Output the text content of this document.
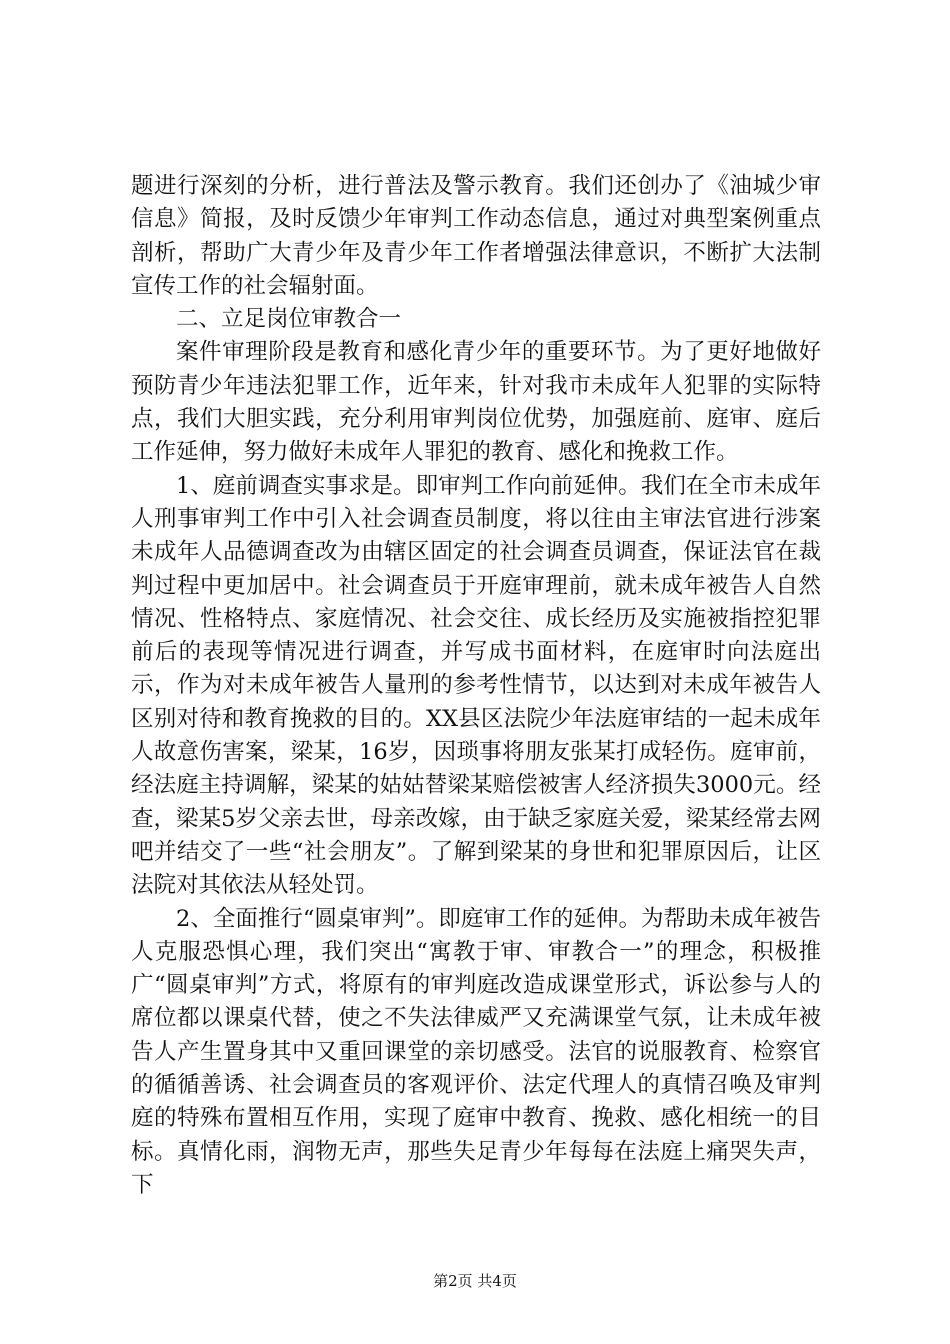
题进行深刻的分析，进行普法及警示教育。我们还创办了《油城少审信息》简报，及时反馈少年审判工作动态信息，通过对典型案例重点剖析，帮助广大青少年及青少年工作者增强法律意识，不断扩大法制宣传工作的社会辐射面。

二、立足岗位审教合一

案件审理阶段是教育和感化青少年的重要环节。为了更好地做好预防青少年违法犯罪工作，近年来，针对我市未成年人犯罪的实际特点，我们大胆实践，充分利用审判岗位优势，加强庭前、庭审、庭后工作延伸，努力做好未成年人罪犯的教育、感化和挽救工作。

1、庭前调查实事求是。即审判工作向前延伸。我们在全市未成年人刑事审判工作中引入社会调查员制度，将以往由主审法官进行涉案未成年人品德调查改为由辖区固定的社会调查员调查，保证法官在裁判过程中更加居中。社会调查员于开庭审理前，就未成年被告人自然情况、性格特点、家庭情况、社会交往、成长经历及实施被指控犯罪前后的表现等情况进行调查，并写成书面材料，在庭审时向法庭出示，作为对未成年被告人量刑的参考性情节，以达到对未成年被告人区别对待和教育挽救的目的。XX县区法院少年法庭审结的一起未成年人故意伤害案，梁某，16岁，因琐事将朋友张某打成轻伤。庭审前，经法庭主持调解，梁某的姑姑替梁某赔偿被害人经济损失3000元。经查，梁某5岁父亲去世，母亲改嫁，由于缺乏家庭关爱，梁某经常去网吧并结交了一些“社会朋友”。了解到梁某的身世和犯罪原因后，让区法院对其依法从轻处罚。

2、全面推行“圆桌审判”。即庭审工作的延伸。为帮助未成年被告人克服恐惧心理，我们突出“寓教于审、审教合一”的理念，积极推广“圆桌审判”方式，将原有的审判庭改造成课堂形式，诉讼参与人的席位都以课桌代替，使之不失法律威严又充满课堂气氛，让未成年被告人产生置身其中又重回课堂的亲切感受。法官的说服教育、检察官的循循善诱、社会调查员的客观评价、法定代理人的真情召唤及审判庭的特殊布置相互作用，实现了庭审中教育、挽救、感化相统一的目标。真情化雨，润物无声，那些失足青少年每每在法庭上痛哭失声，下

第2页 共4页
